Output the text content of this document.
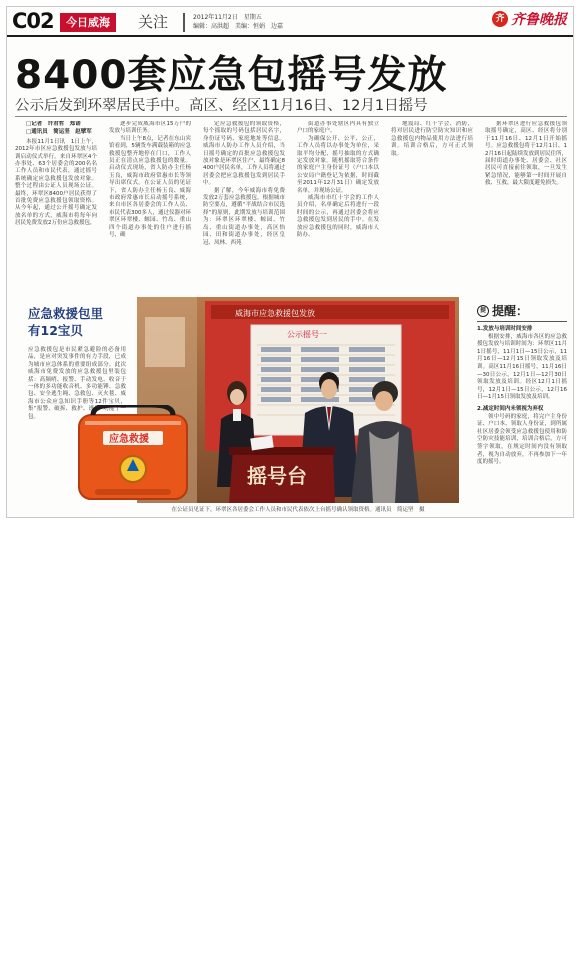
C02	今日威海	关注	2012年11月2日　星期五
编辑：高洪超　美编：恒娟　边嘉
齐 齐鲁晚报
8400套应急包摇号发放
公示后发到环翠居民手中。高区、经区11月16日、12月1日摇号

□记者　许君哲　郑诺

□通讯员　简运坚　赵擘军

本报11月1日讯　1日上午，2012年市区应急救援包发放与培训启动仪式举行。来自环翠区4个办事处、63个居委会的200名名工作人员和市民代表，通过摇号系统确定应急救援包发放对象。整个过程由公证人员现场公证。最终，环翠区8400户居民获得了首批免费应急救援包领取资格。从今年起，通过公开摇号确定发放名单的方式，威海市将每年向居民免费发放2万份应急救援包，

逐步完成威海市区15万户的发放与培训任务。

当日上午8点，记者在东山宾馆看到，5辆货车满载装箱的应急救援包整齐地停在门口，工作人员正在清点应急救援包的数量。启动仪式现场，省人防办主任杨玉良，威海市政府常惠市长等领导出席仪式。在公证人员的见证下，省人防办主任杨玉良、威海市政府常惠市长启动摇号系统，来自市区各居委会的工作人员、市民代表300多人，通过仪器对环翠区环翠楼、鲸园、竹岛、重山四个街道办事处的住户进行摇号，确

定应急救援包的领取资格，每个摇取的号码包括居民名字，身份证号码、家庭地址等信息。威海市人防办工作人员介绍，当日摇号确定的首批应急救援包发放对象是环翠区住户，最终确定8400户居民名单，工作人员将通过居委会把应急救援包发到居民手中。

据了解，今年威海市将免费发放2万套应急救援包。根据城市防空要点，遵循“平战结合市民选择”的原则，此期发放与培训范围为：环翠区环翠楼、鲸园、竹岛、重山街道办事处，高区怡园、田和街道办事处，经区皇冠、凤林、西苑

街道办事处辖区内具有独立户口的家庭户。

为确保公开、公平、公正，工作人员将以办事处为单位，采取平均分配、摇号抽取的方式确定发放对象。随机摇取符合条件的家庭户主身份证号（户口本以公安局户籍登记为依据，时间截至2011年12月31日）确定发放名单，并现场公证。

威海市市红十字会的工作人员介绍，名单确定后将进行一段时间的公示，再通过居委会将应急救援包发到居民的手中。在发放应急救援包的同时，威海市人防办、

地震局、红十字会、消防，将对居民进行防空防灾知识和应急救援包内物品使用方法进行培训。培训合格后，方可正式领取。

据环翠区进行应急救援包领取摇号确定，高区、经区将分别于11月16日、12月1日开始摇号。应急救援包将于12月1日、12月16日起陆续发放到居民住所，届时街道办事处、居委会、社区居民可直接前往领取，一旦发生紧急情况，能够第一时间开展自救、互救，最大限度避免损失。

应急救援包里
有12宝贝
应急救援包是市民紧急避险的必备用品，是应对突发事件的有力手段，已成为城市应急体系的重要组成部分。此次威海市免费发放的应急救援包里装包括：高频哨、报警、手动发电、收音于一体的多功能收音机、多功能锤、急救包、安全逃生绳、急救包、灭火毯、威海市公众应急知识手册等12件宝贝，集“报警、破拆、救护、逃生”功能于一包。
威海市应急救援包发放
公示摇号一
摇号台
应急救援
在公证员见证下，环翠区各居委会工作人员和市民代表依次上台摇号确认领取资格。通讯员　简运坚　摄
提 提醒：
1.发放与培训时间安排

根据安排，威海市各区的应急救援包发放与培训时间为：环翠区11月1日摇号，11月1日—15日公示，11月16日—12月15日领取发放及培训。高区11月16日摇号，11月16日—30日公示，12月1日—12月30日领取发放及培训。经区12月1日摇号，12月1日—15日公示，12月16日—1月15日领取发放及培训。

2.减定时间内未领视为弃权

领中号码的家庭，将完户主身份证、户口本、领取人身份证，到所属社区居委会领受应急救援包使用和防空防灾技能培训，培训合格后，方可签字领取。在规定时间内没有领取者，视为自动放弃，不再参加下一年度的摇号。
